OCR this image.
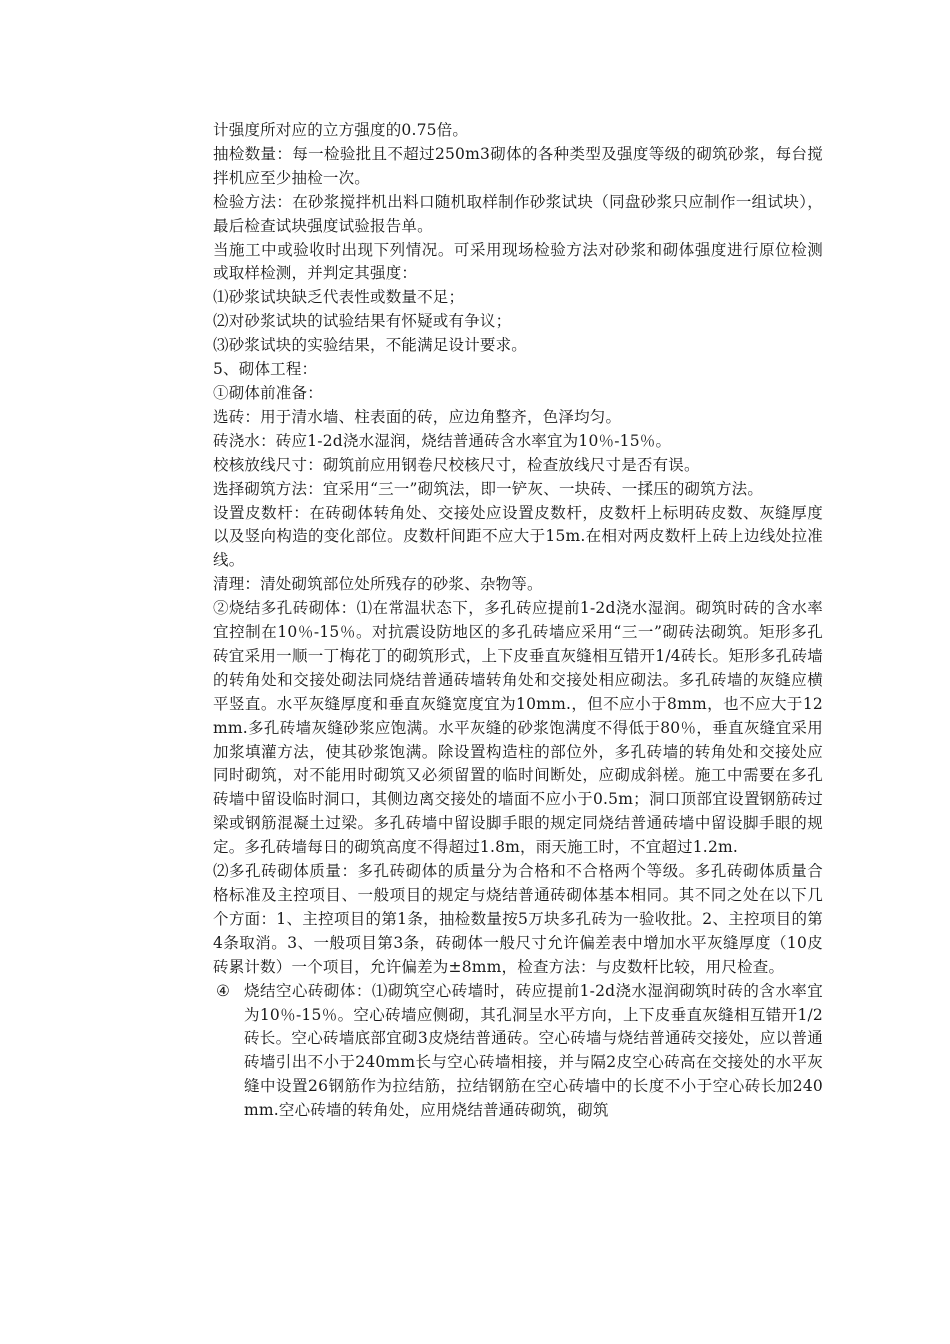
计强度所对应的立方强度的0.75倍。

抽检数量：每一检验批且不超过250m3砌体的各种类型及强度等级的砌筑砂浆，每台搅拌机应至少抽检一次。

检验方法：在砂浆搅拌机出料口随机取样制作砂浆试块（同盘砂浆只应制作一组试块），最后检查试块强度试验报告单。

当施工中或验收时出现下列情况。可采用现场检验方法对砂浆和砌体强度进行原位检测或取样检测，并判定其强度：

⑴砂浆试块缺乏代表性或数量不足；

⑵对砂浆试块的试验结果有怀疑或有争议；

⑶砂浆试块的实验结果，不能满足设计要求。

5、砌体工程：

①砌体前准备：

选砖：用于清水墙、柱表面的砖，应边角整齐，色泽均匀。

砖浇水：砖应1-2d浇水湿润，烧结普通砖含水率宜为10％-15％。

校核放线尺寸：砌筑前应用钢卷尺校核尺寸，检查放线尺寸是否有误。

选择砌筑方法：宜采用“三一”砌筑法，即一铲灰、一块砖、一揉压的砌筑方法。

设置皮数杆：在砖砌体转角处、交接处应设置皮数杆，皮数杆上标明砖皮数、灰缝厚度以及竖向构造的变化部位。皮数杆间距不应大于15m.在相对两皮数杆上砖上边线处拉准线。

清理：清处砌筑部位处所残存的砂浆、杂物等。

②烧结多孔砖砌体：⑴在常温状态下，多孔砖应提前1-2d浇水湿润。砌筑时砖的含水率宜控制在10％-15％。对抗震设防地区的多孔砖墙应采用“三一”砌砖法砌筑。矩形多孔砖宜采用一顺一丁梅花丁的砌筑形式，上下皮垂直灰缝相互错开1/4砖长。矩形多孔砖墙的转角处和交接处砌法同烧结普通砖墙转角处和交接处相应砌法。多孔砖墙的灰缝应横平竖直。水平灰缝厚度和垂直灰缝宽度宜为10mm.，但不应小于8mm，也不应大于12mm.多孔砖墙灰缝砂浆应饱满。水平灰缝的砂浆饱满度不得低于80％，垂直灰缝宜采用加浆填灌方法，使其砂浆饱满。除设置构造柱的部位外，多孔砖墙的转角处和交接处应同时砌筑，对不能用时砌筑又必须留置的临时间断处，应砌成斜槎。施工中需要在多孔砖墙中留设临时洞口，其侧边离交接处的墙面不应小于0.5m；洞口顶部宜设置钢筋砖过梁或钢筋混凝土过梁。多孔砖墙中留设脚手眼的规定同烧结普通砖墙中留设脚手眼的规定。多孔砖墙每日的砌筑高度不得超过1.8m，雨天施工时，不宜超过1.2m.

⑵多孔砖砌体质量：多孔砖砌体的质量分为合格和不合格两个等级。多孔砖砌体质量合格标准及主控项目、一般项目的规定与烧结普通砖砌体基本相同。其不同之处在以下几个方面：1、主控项目的第1条，抽检数量按5万块多孔砖为一验收批。2、主控项目的第4条取消。3、一般项目第3条，砖砌体一般尺寸允许偏差表中增加水平灰缝厚度（10皮砖累计数）一个项目，允许偏差为±8mm，检查方法：与皮数杆比较，用尺检查。

④ 烧结空心砖砌体：⑴砌筑空心砖墙时，砖应提前1-2d浇水湿润砌筑时砖的含水率宜为10％-15％。空心砖墙应侧砌，其孔洞呈水平方向，上下皮垂直灰缝相互错开1/2砖长。空心砖墙底部宜砌3皮烧结普通砖。空心砖墙与烧结普通砖交接处，应以普通砖墙引出不小于240mm长与空心砖墙相接，并与隔2皮空心砖高在交接处的水平灰缝中设置26钢筋作为拉结筋，拉结钢筋在空心砖墙中的长度不小于空心砖长加240mm.空心砖墙的转角处，应用烧结普通砖砌筑，砌筑
